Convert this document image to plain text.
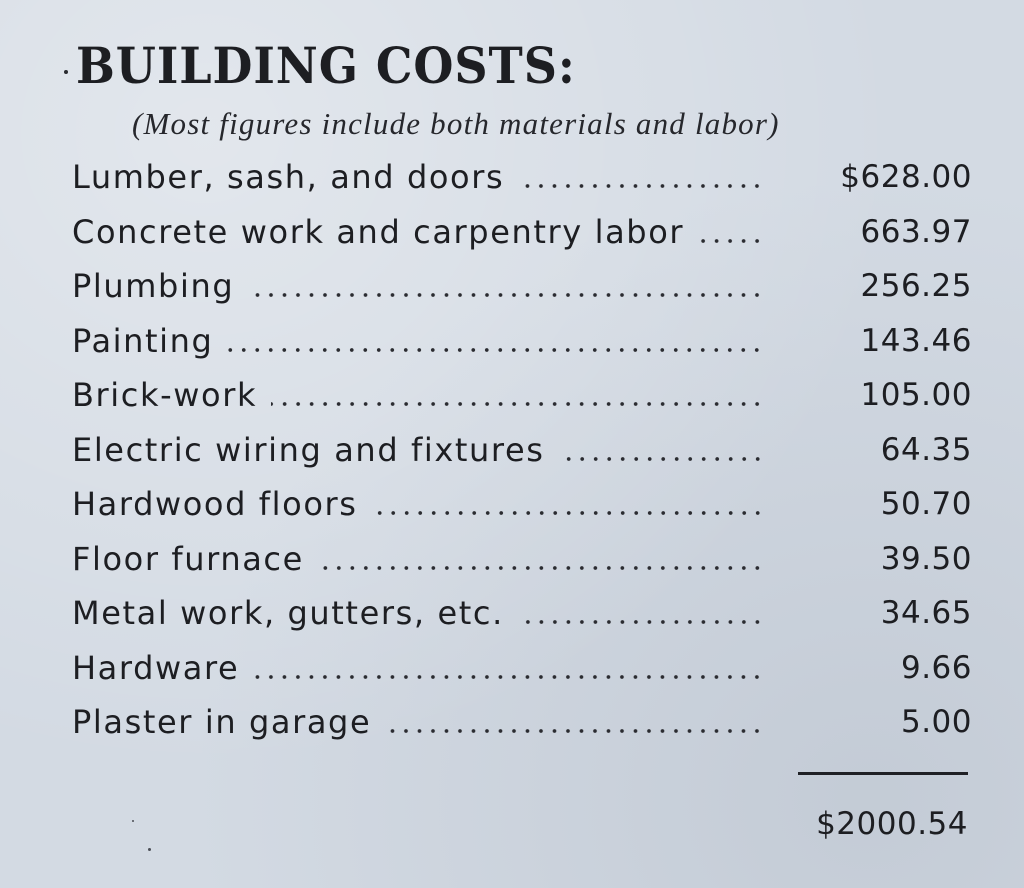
BUILDING COSTS:
(Most figures include both materials and labor)
Lumber, sash, and doors	$628.00
Concrete work and carpentry labor	663.97
Plumbing	256.25
Painting	143.46
Brick-work	105.00
Electric wiring and fixtures	64.35
Hardwood floors	50.70
Floor furnace	39.50
Metal work, gutters, etc.	34.65
Hardware	9.66
Plaster in garage	5.00
$2000.54
